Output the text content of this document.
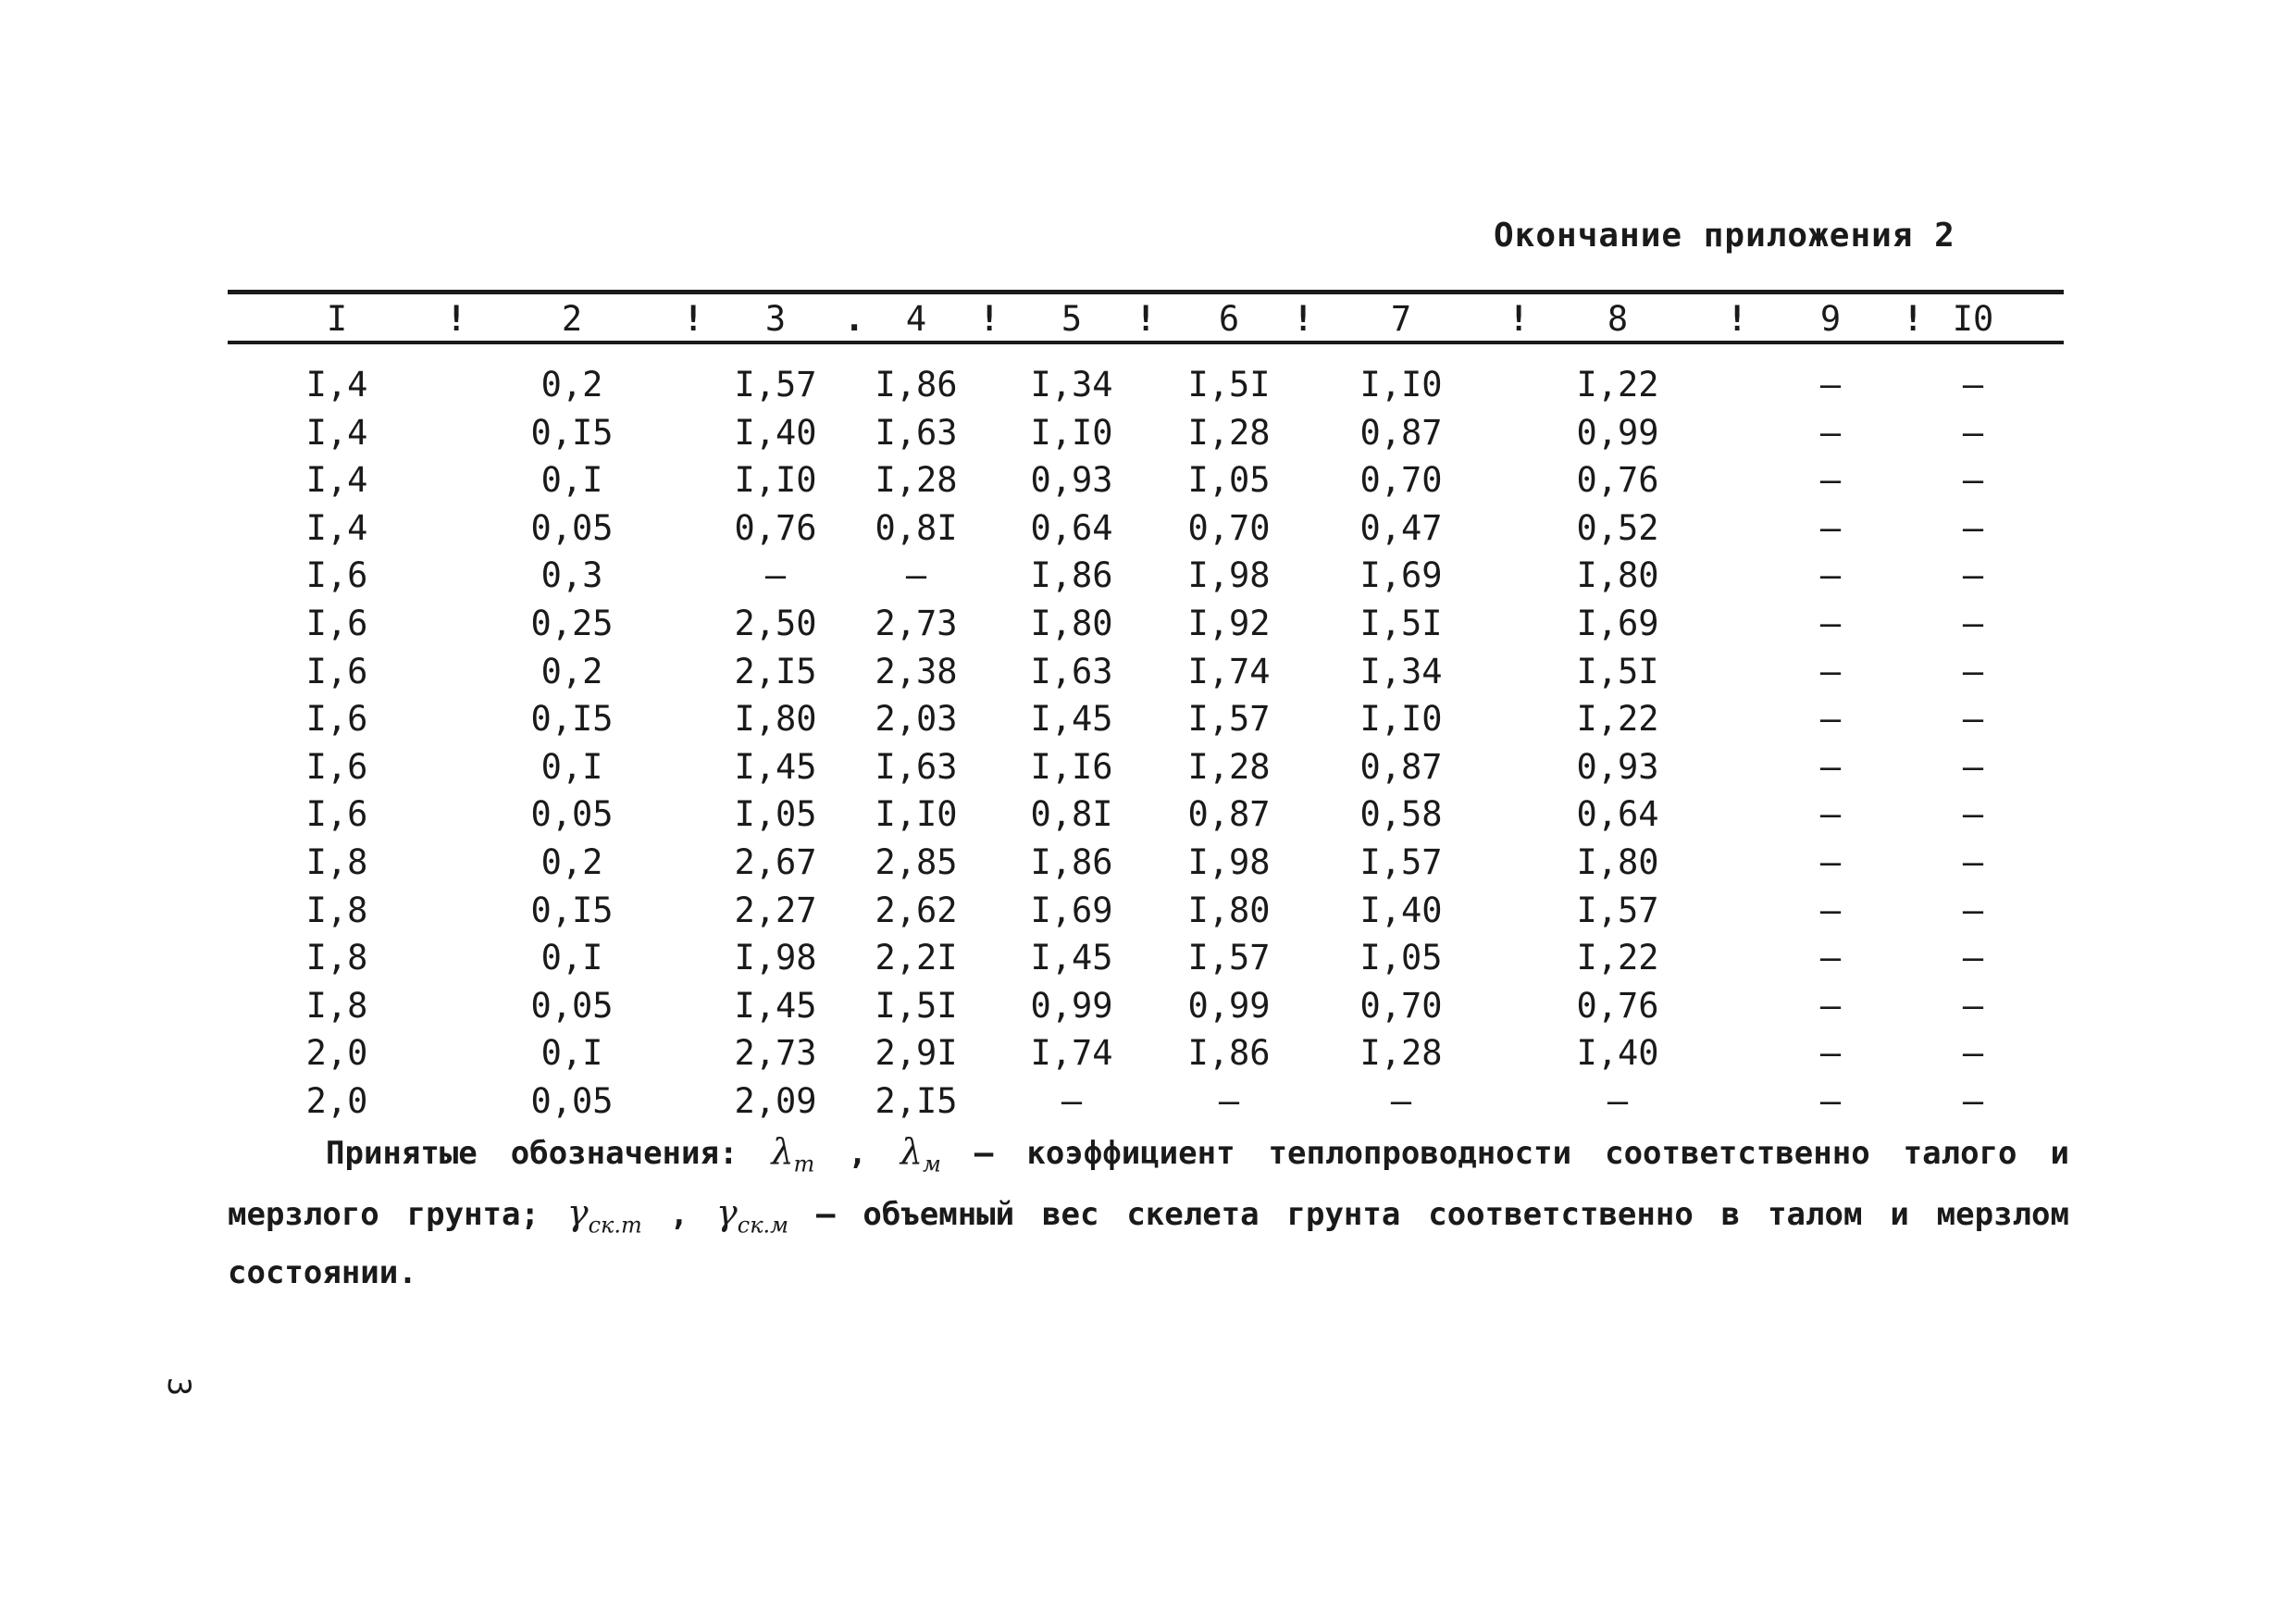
Окончание приложения 2
I	2	3	4	5	6	7	8	9	I0
!	!	.	!	!	!	!	!	!
I,4	0,2	I,57	I,86	I,34	I,5I	I,I0	I,22	–	–
I,4	0,I5	I,40	I,63	I,I0	I,28	0,87	0,99	–	–
I,4	0,I	I,I0	I,28	0,93	I,05	0,70	0,76	–	–
I,4	0,05	0,76	0,8I	0,64	0,70	0,47	0,52	–	–
I,6	0,3	–	–	I,86	I,98	I,69	I,80	–	–
I,6	0,25	2,50	2,73	I,80	I,92	I,5I	I,69	–	–
I,6	0,2	2,I5	2,38	I,63	I,74	I,34	I,5I	–	–
I,6	0,I5	I,80	2,03	I,45	I,57	I,I0	I,22	–	–
I,6	0,I	I,45	I,63	I,I6	I,28	0,87	0,93	–	–
I,6	0,05	I,05	I,I0	0,8I	0,87	0,58	0,64	–	–
I,8	0,2	2,67	2,85	I,86	I,98	I,57	I,80	–	–
I,8	0,I5	2,27	2,62	I,69	I,80	I,40	I,57	–	–
I,8	0,I	I,98	2,2I	I,45	I,57	I,05	I,22	–	–
I,8	0,05	I,45	I,5I	0,99	0,99	0,70	0,76	–	–
2,0	0,I	2,73	2,9I	I,74	I,86	I,28	I,40	–	–
2,0	0,05	2,09	2,I5	–	–	–	–	–	–
Принятые обозначения: $\lambda_т$ , $\lambda_м$ – коэффициент теплопроводности соответственно талого и мерзлого грунта; $\gamma_{ск.т}$ , $\gamma_{ск.м}$ – объемный вес скелета грунта соответственно в талом и мерзлом состоянии.
3
